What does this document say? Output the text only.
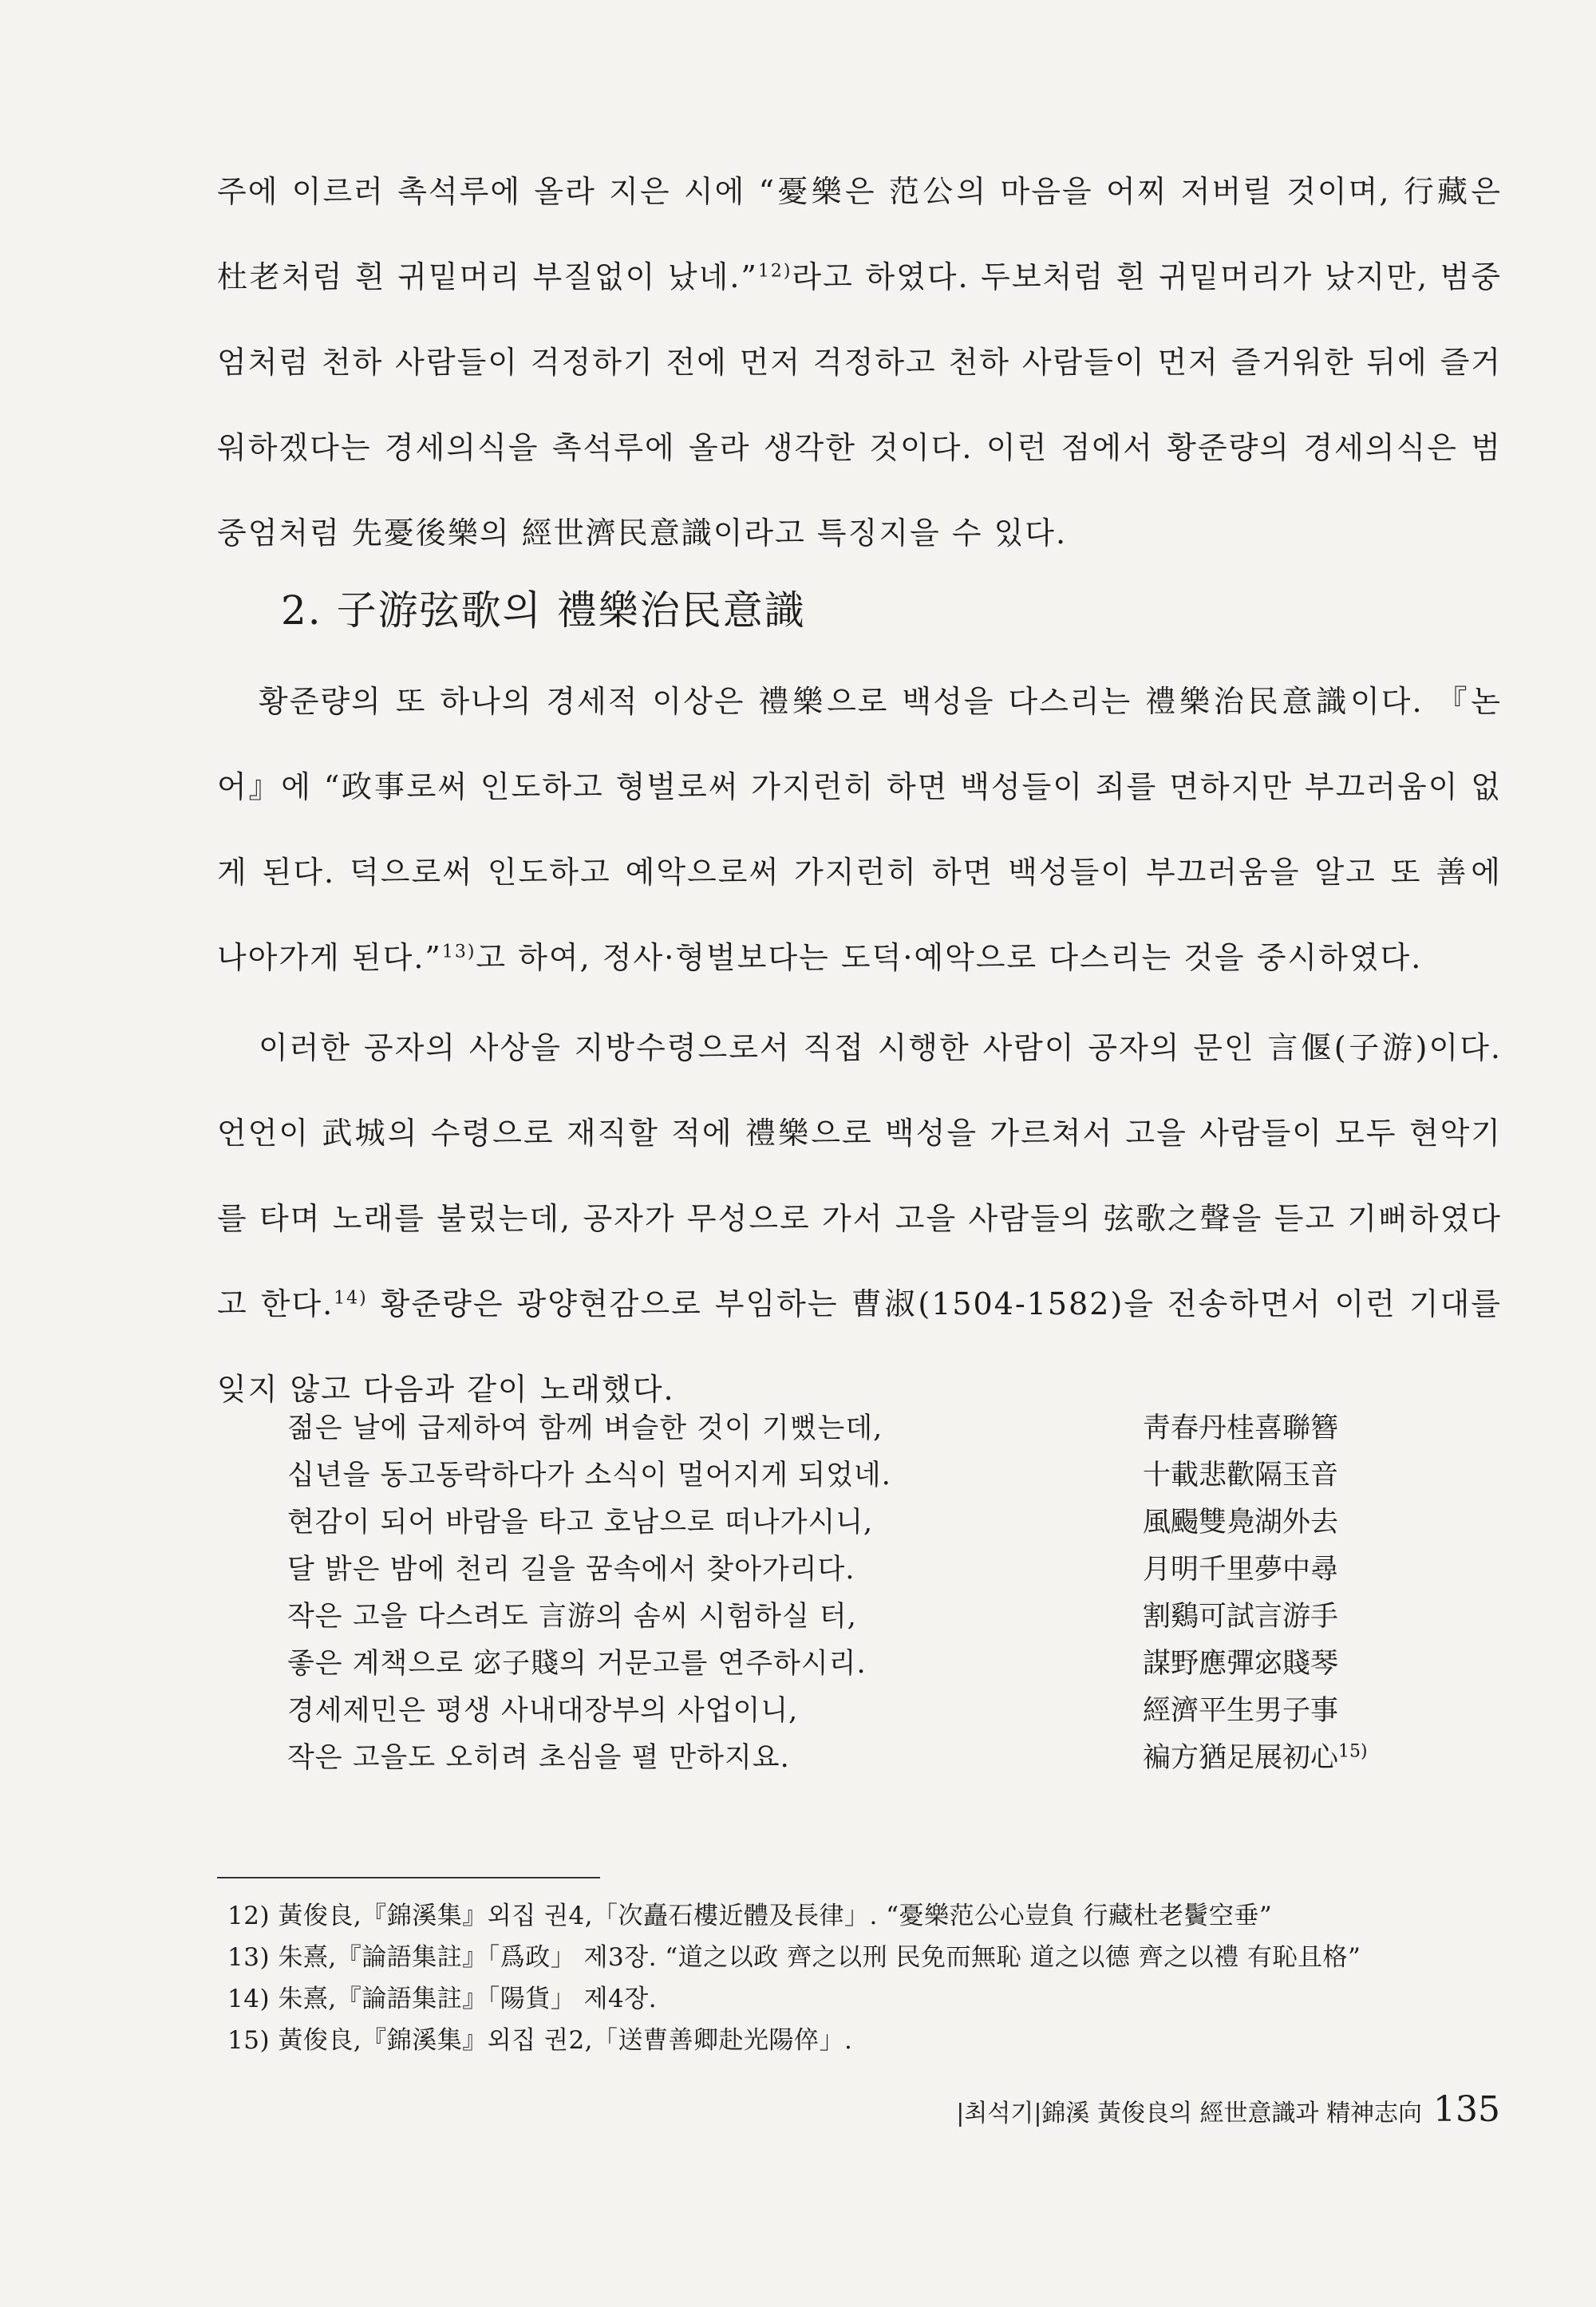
주에 이르러 촉석루에 올라 지은 시에 “憂樂은 范公의 마음을 어찌 저버릴 것이며, 行藏은 杜老처럼 흰 귀밑머리 부질없이 났네.”$^{12)}$라고 하였다. 두보처럼 흰 귀밑머리가 났지만, 범중엄처럼 천하 사람들이 걱정하기 전에 먼저 걱정하고 천하 사람들이 먼저 즐거워한 뒤에 즐거워하겠다는 경세의식을 촉석루에 올라 생각한 것이다. 이런 점에서 황준량의 경세의식은 범중엄처럼 先憂後樂의 經世濟民意識이라고 특징지을 수 있다.

2. 子游弦歌의 禮樂治民意識

황준량의 또 하나의 경세적 이상은 禮樂으로 백성을 다스리는 禮樂治民意識이다. 『논어』에 “政事로써 인도하고 형벌로써 가지런히 하면 백성들이 죄를 면하지만 부끄러움이 없게 된다. 덕으로써 인도하고 예악으로써 가지런히 하면 백성들이 부끄러움을 알고 또 善에 나아가게 된다.”$^{13)}$고 하여, 정사·형벌보다는 도덕·예악으로 다스리는 것을 중시하였다.

이러한 공자의 사상을 지방수령으로서 직접 시행한 사람이 공자의 문인 言偃(子游)이다. 언언이 武城의 수령으로 재직할 적에 禮樂으로 백성을 가르쳐서 고을 사람들이 모두 현악기를 타며 노래를 불렀는데, 공자가 무성으로 가서 고을 사람들의 弦歌之聲을 듣고 기뻐하였다고 한다.$^{14)}$ 황준량은 광양현감으로 부임하는 曹淑(1504-1582)을 전송하면서 이런 기대를 잊지 않고 다음과 같이 노래했다.

젊은 날에 급제하여 함께 벼슬한 것이 기뻤는데,	靑春丹桂喜聯簪
십년을 동고동락하다가 소식이 멀어지게 되었네.	十載悲歡隔玉音
현감이 되어 바람을 타고 호남으로 떠나가시니,	風颺雙鳧湖外去
달 밝은 밤에 천리 길을 꿈속에서 찾아가리다.	月明千里夢中尋
작은 고을 다스려도 言游의 솜씨 시험하실 터,	割鷄可試言游手
좋은 계책으로 宓子賤의 거문고를 연주하시리.	謀野應彈宓賤琴
경세제민은 평생 사내대장부의 사업이니,	經濟平生男子事
작은 고을도 오히려 초심을 펼 만하지요.	褊方猶足展初心$^{15)}$
12) 黃俊良,『錦溪集』외집 권4,「次矗石樓近體及長律」. “憂樂范公心豈負 行藏杜老鬢空垂”
13) 朱熹,『論語集註』「爲政」 제3장. “道之以政 齊之以刑 民免而無恥 道之以德 齊之以禮 有恥且格”
14) 朱熹,『論語集註』「陽貨」 제4장.
15) 黃俊良,『錦溪集』외집 권2,「送曹善卿赴光陽倅」.
|최석기|錦溪 黃俊良의 經世意識과 精神志向 135
